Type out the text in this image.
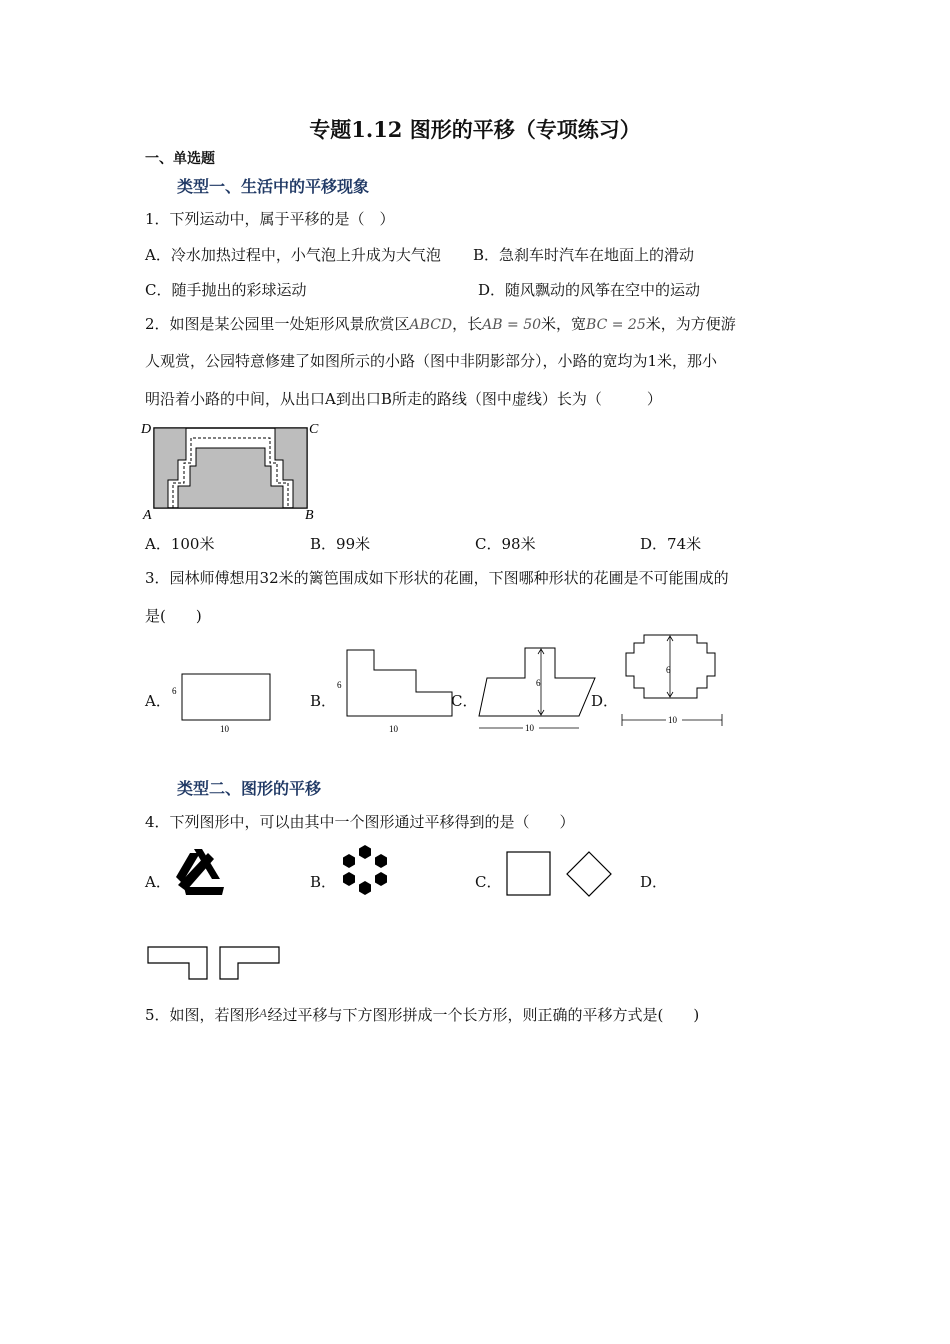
专题1.12 图形的平移（专项练习）
一、单选题
类型一、生活中的平移现象
1．下列运动中，属于平移的是（　）
A．冷水加热过程中，小气泡上升成为大气泡 B．急刹车时汽车在地面上的滑动
C．随手抛出的彩球运动	D．随风飘动的风筝在空中的运动
2．如图是某公园里一处矩形风景欣赏区ABCD，长AB = 50米，宽BC = 25米，为方便游
人观赏，公园特意修建了如图所示的小路（图中非阴影部分），小路的宽均为1米，那小
明沿着小路的中间，从出口A到出口B所走的路线（图中虚线）长为（　　　）
D	C
A	B
A．100米	B．99米	C．98米	D．74米
3．园林师傅想用32米的篱笆围成如下形状的花圃，下图哪种形状的花圃是不可能围成的
是(　　)
A．
6
10
B．
6
10
C．
6
10
D．
6
10
类型二、图形的平移
4．下列图形中，可以由其中一个图形通过平移得到的是（　　）
A．	B．	C．	D．
5．如图，若图形$^A$经过平移与下方图形拼成一个长方形，则正确的平移方式是(　　)
